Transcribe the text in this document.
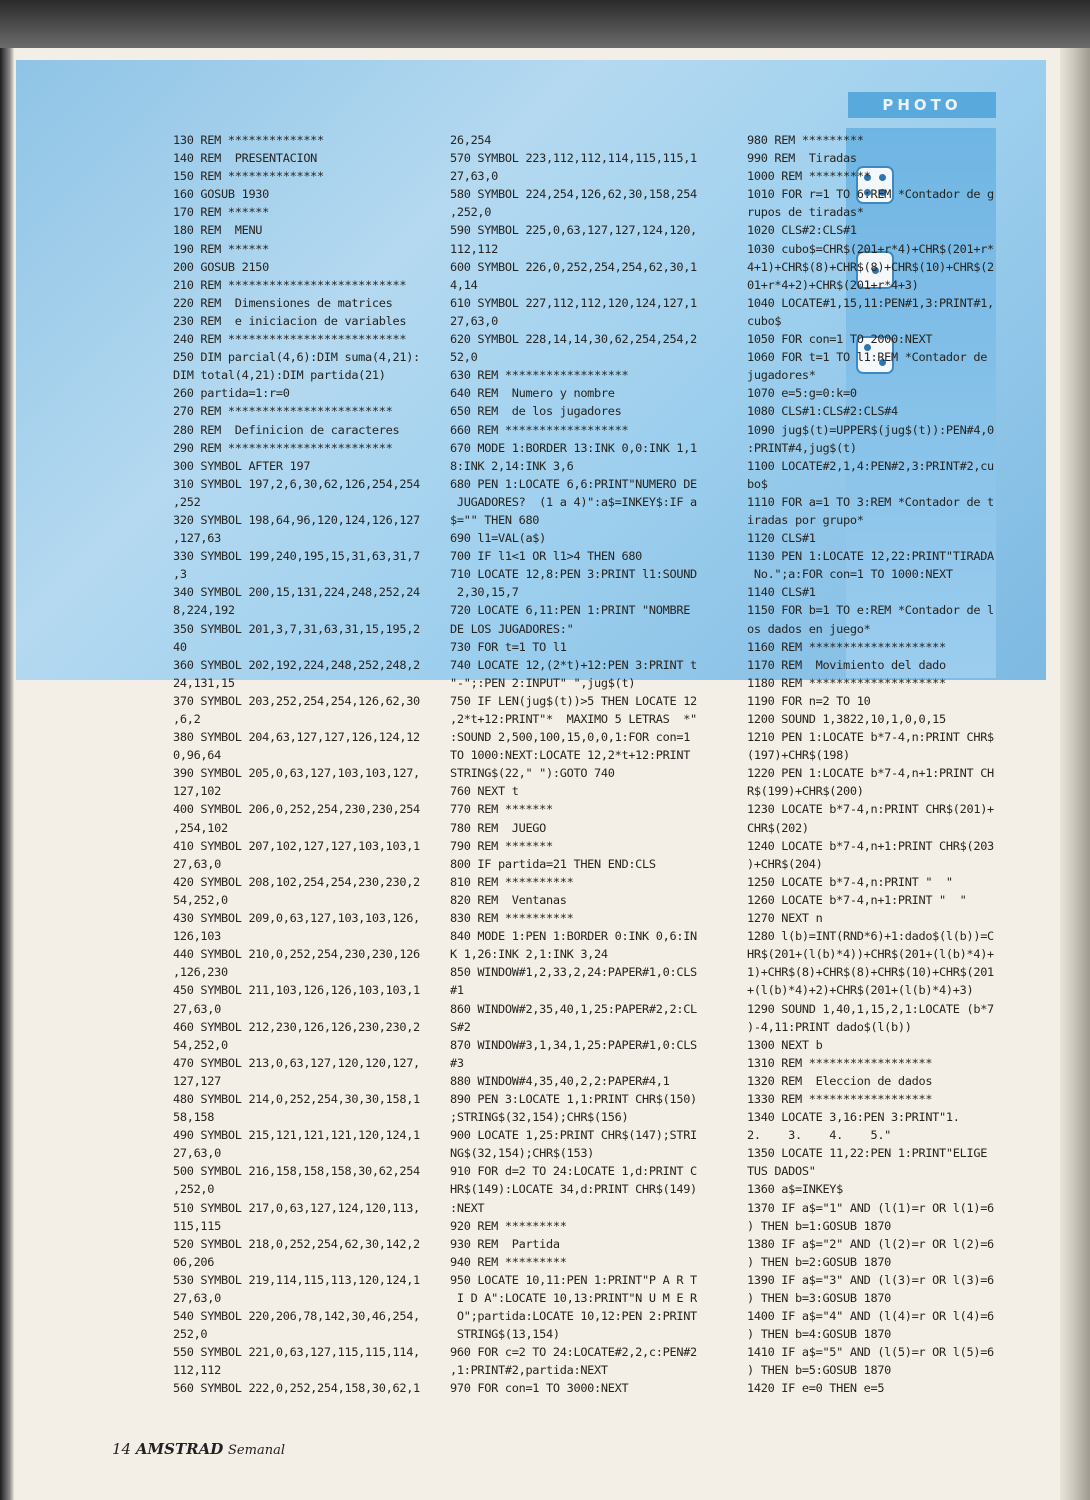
PHOTO
130 REM **************
140 REM  PRESENTACION
150 REM **************
160 GOSUB 1930
170 REM ******
180 REM  MENU
190 REM ******
200 GOSUB 2150
210 REM **************************
220 REM  Dimensiones de matrices
230 REM  e iniciacion de variables
240 REM **************************
250 DIM parcial(4,6):DIM suma(4,21):
DIM total(4,21):DIM partida(21)
260 partida=1:r=0
270 REM ************************
280 REM  Definicion de caracteres
290 REM ************************
300 SYMBOL AFTER 197
310 SYMBOL 197,2,6,30,62,126,254,254
,252
320 SYMBOL 198,64,96,120,124,126,127
,127,63
330 SYMBOL 199,240,195,15,31,63,31,7
,3
340 SYMBOL 200,15,131,224,248,252,24
8,224,192
350 SYMBOL 201,3,7,31,63,31,15,195,2
40
360 SYMBOL 202,192,224,248,252,248,2
24,131,15
370 SYMBOL 203,252,254,254,126,62,30
,6,2
380 SYMBOL 204,63,127,127,126,124,12
0,96,64
390 SYMBOL 205,0,63,127,103,103,127,
127,102
400 SYMBOL 206,0,252,254,230,230,254
,254,102
410 SYMBOL 207,102,127,127,103,103,1
27,63,0
420 SYMBOL 208,102,254,254,230,230,2
54,252,0
430 SYMBOL 209,0,63,127,103,103,126,
126,103
440 SYMBOL 210,0,252,254,230,230,126
,126,230
450 SYMBOL 211,103,126,126,103,103,1
27,63,0
460 SYMBOL 212,230,126,126,230,230,2
54,252,0
470 SYMBOL 213,0,63,127,120,120,127,
127,127
480 SYMBOL 214,0,252,254,30,30,158,1
58,158
490 SYMBOL 215,121,121,121,120,124,1
27,63,0
500 SYMBOL 216,158,158,158,30,62,254
,252,0
510 SYMBOL 217,0,63,127,124,120,113,
115,115
520 SYMBOL 218,0,252,254,62,30,142,2
06,206
530 SYMBOL 219,114,115,113,120,124,1
27,63,0
540 SYMBOL 220,206,78,142,30,46,254,
252,0
550 SYMBOL 221,0,63,127,115,115,114,
112,112
560 SYMBOL 222,0,252,254,158,30,62,1
26,254
570 SYMBOL 223,112,112,114,115,115,1
27,63,0
580 SYMBOL 224,254,126,62,30,158,254
,252,0
590 SYMBOL 225,0,63,127,127,124,120,
112,112
600 SYMBOL 226,0,252,254,254,62,30,1
4,14
610 SYMBOL 227,112,112,120,124,127,1
27,63,0
620 SYMBOL 228,14,14,30,62,254,254,2
52,0
630 REM ******************
640 REM  Numero y nombre
650 REM  de los jugadores
660 REM ******************
670 MODE 1:BORDER 13:INK 0,0:INK 1,1
8:INK 2,14:INK 3,6
680 PEN 1:LOCATE 6,6:PRINT"NUMERO DE
JUGADORES?  (1 a 4)":a$=INKEY$:IF a
$="" THEN 680
690 l1=VAL(a$)
700 IF l1<1 OR l1>4 THEN 680
710 LOCATE 12,8:PEN 3:PRINT l1:SOUND
2,30,15,7
720 LOCATE 6,11:PEN 1:PRINT "NOMBRE
DE LOS JUGADORES:"
730 FOR t=1 TO l1
740 LOCATE 12,(2*t)+12:PEN 3:PRINT t
"-";:PEN 2:INPUT" ",jug$(t)
750 IF LEN(jug$(t))>5 THEN LOCATE 12
,2*t+12:PRINT"*  MAXIMO 5 LETRAS  *"
:SOUND 2,500,100,15,0,0,1:FOR con=1
TO 1000:NEXT:LOCATE 12,2*t+12:PRINT
STRING$(22," "):GOTO 740
760 NEXT t
770 REM *******
780 REM  JUEGO
790 REM *******
800 IF partida=21 THEN END:CLS
810 REM **********
820 REM  Ventanas
830 REM **********
840 MODE 1:PEN 1:BORDER 0:INK 0,6:IN
K 1,26:INK 2,1:INK 3,24
850 WINDOW#1,2,33,2,24:PAPER#1,0:CLS
#1
860 WINDOW#2,35,40,1,25:PAPER#2,2:CL
S#2
870 WINDOW#3,1,34,1,25:PAPER#1,0:CLS
#3
880 WINDOW#4,35,40,2,2:PAPER#4,1
890 PEN 3:LOCATE 1,1:PRINT CHR$(150)
;STRING$(32,154);CHR$(156)
900 LOCATE 1,25:PRINT CHR$(147);STRI
NG$(32,154);CHR$(153)
910 FOR d=2 TO 24:LOCATE 1,d:PRINT C
HR$(149):LOCATE 34,d:PRINT CHR$(149)
:NEXT
920 REM *********
930 REM  Partida
940 REM *********
950 LOCATE 10,11:PEN 1:PRINT"P A R T
I D A":LOCATE 10,13:PRINT"N U M E R
O";partida:LOCATE 10,12:PEN 2:PRINT
STRING$(13,154)
960 FOR c=2 TO 24:LOCATE#2,2,c:PEN#2
,1:PRINT#2,partida:NEXT
970 FOR con=1 TO 3000:NEXT
980 REM *********
990 REM  Tiradas
1000 REM *********
1010 FOR r=1 TO 6:REM *Contador de g
rupos de tiradas*
1020 CLS#2:CLS#1
1030 cubo$=CHR$(201+r*4)+CHR$(201+r*
4+1)+CHR$(8)+CHR$(8)+CHR$(10)+CHR$(2
01+r*4+2)+CHR$(201+r*4+3)
1040 LOCATE#1,15,11:PEN#1,3:PRINT#1,
cubo$
1050 FOR con=1 TO 2000:NEXT
1060 FOR t=1 TO l1:REM *Contador de
jugadores*
1070 e=5:g=0:k=0
1080 CLS#1:CLS#2:CLS#4
1090 jug$(t)=UPPER$(jug$(t)):PEN#4,0
:PRINT#4,jug$(t)
1100 LOCATE#2,1,4:PEN#2,3:PRINT#2,cu
bo$
1110 FOR a=1 TO 3:REM *Contador de t
iradas por grupo*
1120 CLS#1
1130 PEN 1:LOCATE 12,22:PRINT"TIRADA
No.";a:FOR con=1 TO 1000:NEXT
1140 CLS#1
1150 FOR b=1 TO e:REM *Contador de l
os dados en juego*
1160 REM ********************
1170 REM  Movimiento del dado
1180 REM ********************
1190 FOR n=2 TO 10
1200 SOUND 1,3822,10,1,0,0,15
1210 PEN 1:LOCATE b*7-4,n:PRINT CHR$
(197)+CHR$(198)
1220 PEN 1:LOCATE b*7-4,n+1:PRINT CH
R$(199)+CHR$(200)
1230 LOCATE b*7-4,n:PRINT CHR$(201)+
CHR$(202)
1240 LOCATE b*7-4,n+1:PRINT CHR$(203
)+CHR$(204)
1250 LOCATE b*7-4,n:PRINT "  "
1260 LOCATE b*7-4,n+1:PRINT "  "
1270 NEXT n
1280 l(b)=INT(RND*6)+1:dado$(l(b))=C
HR$(201+(l(b)*4))+CHR$(201+(l(b)*4)+
1)+CHR$(8)+CHR$(8)+CHR$(10)+CHR$(201
+(l(b)*4)+2)+CHR$(201+(l(b)*4)+3)
1290 SOUND 1,40,1,15,2,1:LOCATE (b*7
)-4,11:PRINT dado$(l(b))
1300 NEXT b
1310 REM ******************
1320 REM  Eleccion de dados
1330 REM ******************
1340 LOCATE 3,16:PEN 3:PRINT"1.
2.    3.    4.    5."
1350 LOCATE 11,22:PEN 1:PRINT"ELIGE
TUS DADOS"
1360 a$=INKEY$
1370 IF a$="1" AND (l(1)=r OR l(1)=6
) THEN b=1:GOSUB 1870
1380 IF a$="2" AND (l(2)=r OR l(2)=6
) THEN b=2:GOSUB 1870
1390 IF a$="3" AND (l(3)=r OR l(3)=6
) THEN b=3:GOSUB 1870
1400 IF a$="4" AND (l(4)=r OR l(4)=6
) THEN b=4:GOSUB 1870
1410 IF a$="5" AND (l(5)=r OR l(5)=6
) THEN b=5:GOSUB 1870
1420 IF e=0 THEN e=5
14 AMSTRAD Semanal
